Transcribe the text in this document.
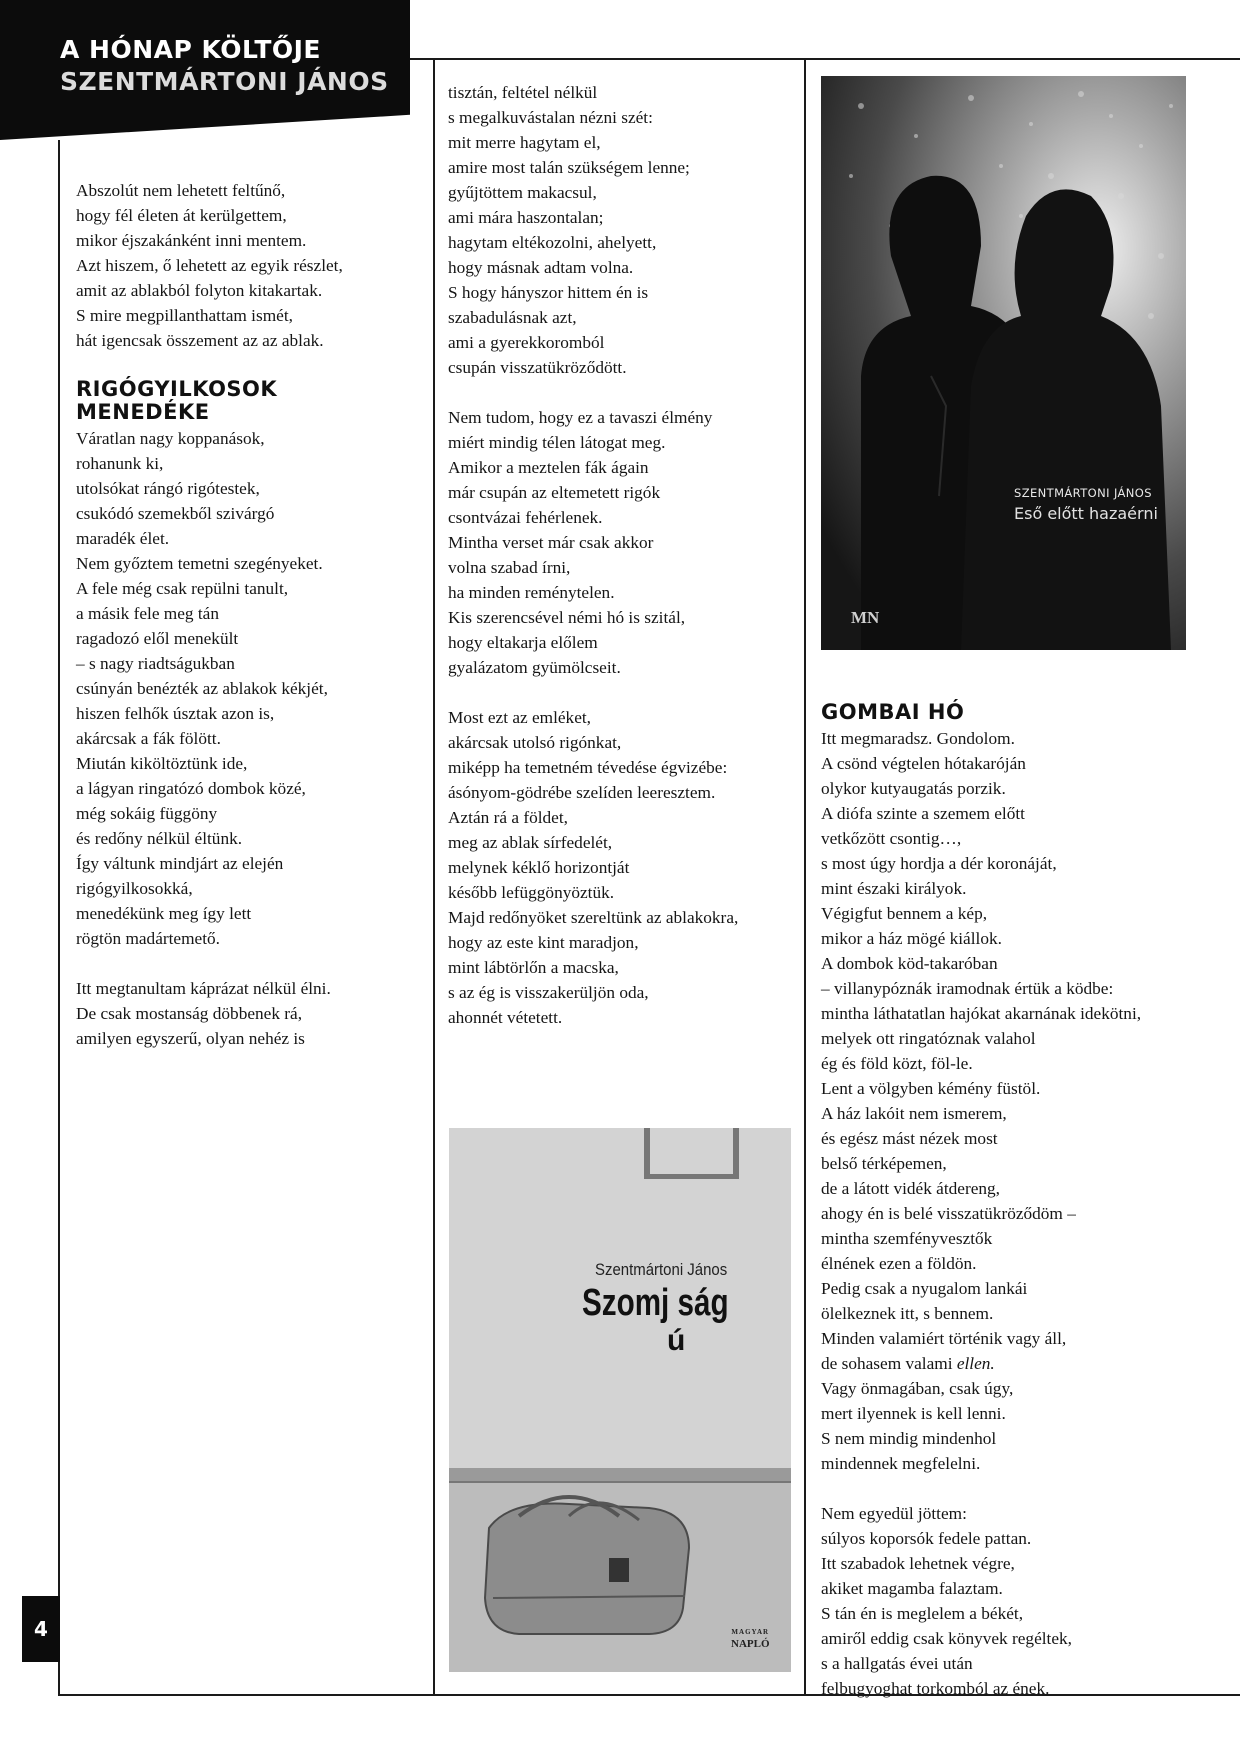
A HÓNAP KÖLTŐJE
SZENTMÁRTONI JÁNOS
Abszolút nem lehetett feltűnő,
hogy fél életen át kerülgettem,
mikor éjszakánként inni mentem.
Azt hiszem, ő lehetett az egyik részlet,
amit az ablakból folyton kitakartak.
S mire megpillanthattam ismét,
hát igencsak összement az az ablak.
RIGÓGYILKOSOK
MENEDÉKE
Váratlan nagy koppanások,
rohanunk ki,
utolsókat rángó rigótestek,
csukódó szemekből szivárgó
maradék élet.
Nem győztem temetni szegényeket.
A fele még csak repülni tanult,
a másik fele meg tán
ragadozó elől menekült
– s nagy riadtságukban
csúnyán benézték az ablakok kékjét,
hiszen felhők úsztak azon is,
akárcsak a fák fölött.
Miután kiköltöztünk ide,
a lágyan ringatózó dombok közé,
még sokáig függöny
és redőny nélkül éltünk.
Így váltunk mindjárt az elején
rigógyilkosokká,
menedékünk meg így lett
rögtön madártemető.
Itt megtanultam káprázat nélkül élni.
De csak mostanság döbbenek rá,
amilyen egyszerű, olyan nehéz is
tisztán, feltétel nélkül
s megalkuvástalan nézni szét:
mit merre hagytam el,
amire most talán szükségem lenne;
gyűjtöttem makacsul,
ami mára haszontalan;
hagytam eltékozolni, ahelyett,
hogy másnak adtam volna.
S hogy hányszor hittem én is
szabadulásnak azt,
ami a gyerekkoromból
csupán visszatükröződött.
Nem tudom, hogy ez a tavaszi élmény
miért mindig télen látogat meg.
Amikor a meztelen fák ágain
már csupán az eltemetett rigók
csontvázai fehérlenek.
Mintha verset már csak akkor
volna szabad írni,
ha minden reménytelen.
Kis szerencsével némi hó is szitál,
hogy eltakarja előlem
gyalázatom gyümölcseit.
Most ezt az emléket,
akárcsak utolsó rigónkat,
miképp ha temetném tévedése égvizébe:
ásónyom-gödrébe szelíden leeresztem.
Aztán rá a földet,
meg az ablak sírfedelét,
melynek kéklő horizontját
később lefüggönyöztük.
Majd redőnyöket szereltünk az ablakokra,
hogy az este kint maradjon,
mint lábtörlőn a macska,
s az ég is visszakerüljön oda,
ahonnét vétetett.
Szentmártoni János
Szomj ság
ú
MAGYAR
NAPLÓ
SZENTMÁRTONI JÁNOS
Eső előtt hazaérni
MN
GOMBAI HÓ
Itt megmaradsz. Gondolom.
A csönd végtelen hótakaróján
olykor kutyaugatás porzik.
A diófa szinte a szemem előtt
vetkőzött csontig…,
s most úgy hordja a dér koronáját,
mint északi királyok.
Végigfut bennem a kép,
mikor a ház mögé kiállok.
A dombok köd-takaróban
– villanypóznák iramodnak értük a ködbe:
mintha láthatatlan hajókat akarnának idekötni,
melyek ott ringatóznak valahol
ég és föld közt, föl-le.
Lent a völgyben kémény füstöl.
A ház lakóit nem ismerem,
és egész mást nézek most
belső térképemen,
de a látott vidék átdereng,
ahogy én is belé visszatükröződöm –
mintha szemfényvesztők
élnének ezen a földön.
Pedig csak a nyugalom lankái
ölelkeznek itt, s bennem.
Minden valamiért történik vagy áll,
de sohasem valami ellen.
Vagy önmagában, csak úgy,
mert ilyennek is kell lenni.
S nem mindig mindenhol
mindennek megfelelni.
Nem egyedül jöttem:
súlyos koporsók fedele pattan.
Itt szabadok lehetnek végre,
akiket magamba falaztam.
S tán én is meglelem a békét,
amiről eddig csak könyvek regéltek,
s a hallgatás évei után
felbugyoghat torkomból az ének.
4
